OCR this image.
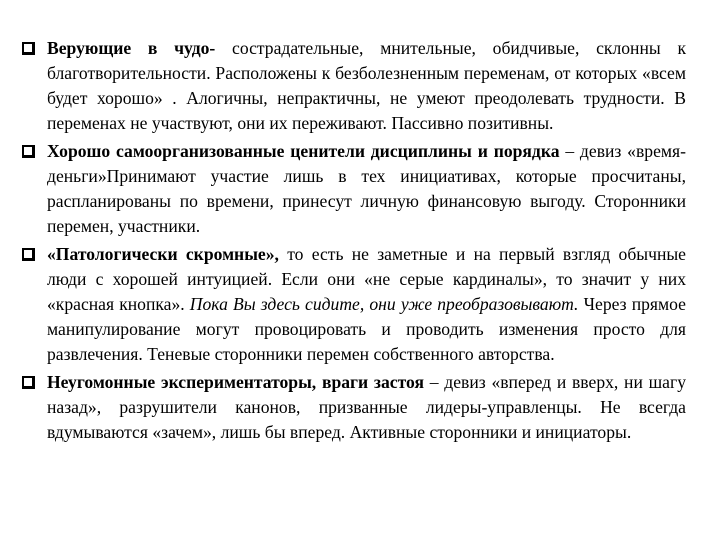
Верующие в чудо- сострадательные, мнительные, обидчивые, склонны к благотворительности. Расположены к безболезненным переменам, от которых «всем будет хорошо» . Алогичны, непрактичны, не умеют преодолевать трудности. В переменах не участвуют, они их переживают. Пассивно позитивны.
Хорошо самоорганизованные ценители дисциплины и порядка – девиз «время-деньги»Принимают участие лишь в тех инициативах, которые просчитаны, распланированы по времени, принесут личную финансовую выгоду. Сторонники перемен, участники.
«Патологически скромные», то есть не заметные и на первый взгляд обычные люди с хорошей интуицией. Если они «не серые кардиналы», то значит у них «красная кнопка». Пока Вы здесь сидите, они уже преобразовывают. Через прямое манипулирование могут провоцировать и проводить изменения просто для развлечения. Теневые сторонники перемен собственного авторства.
Неугомонные экспериментаторы, враги застоя – девиз «вперед и вверх, ни шагу назад», разрушители канонов, призванные лидеры-управленцы. Не всегда вдумываются «зачем», лишь бы вперед. Активные сторонники и инициаторы.
